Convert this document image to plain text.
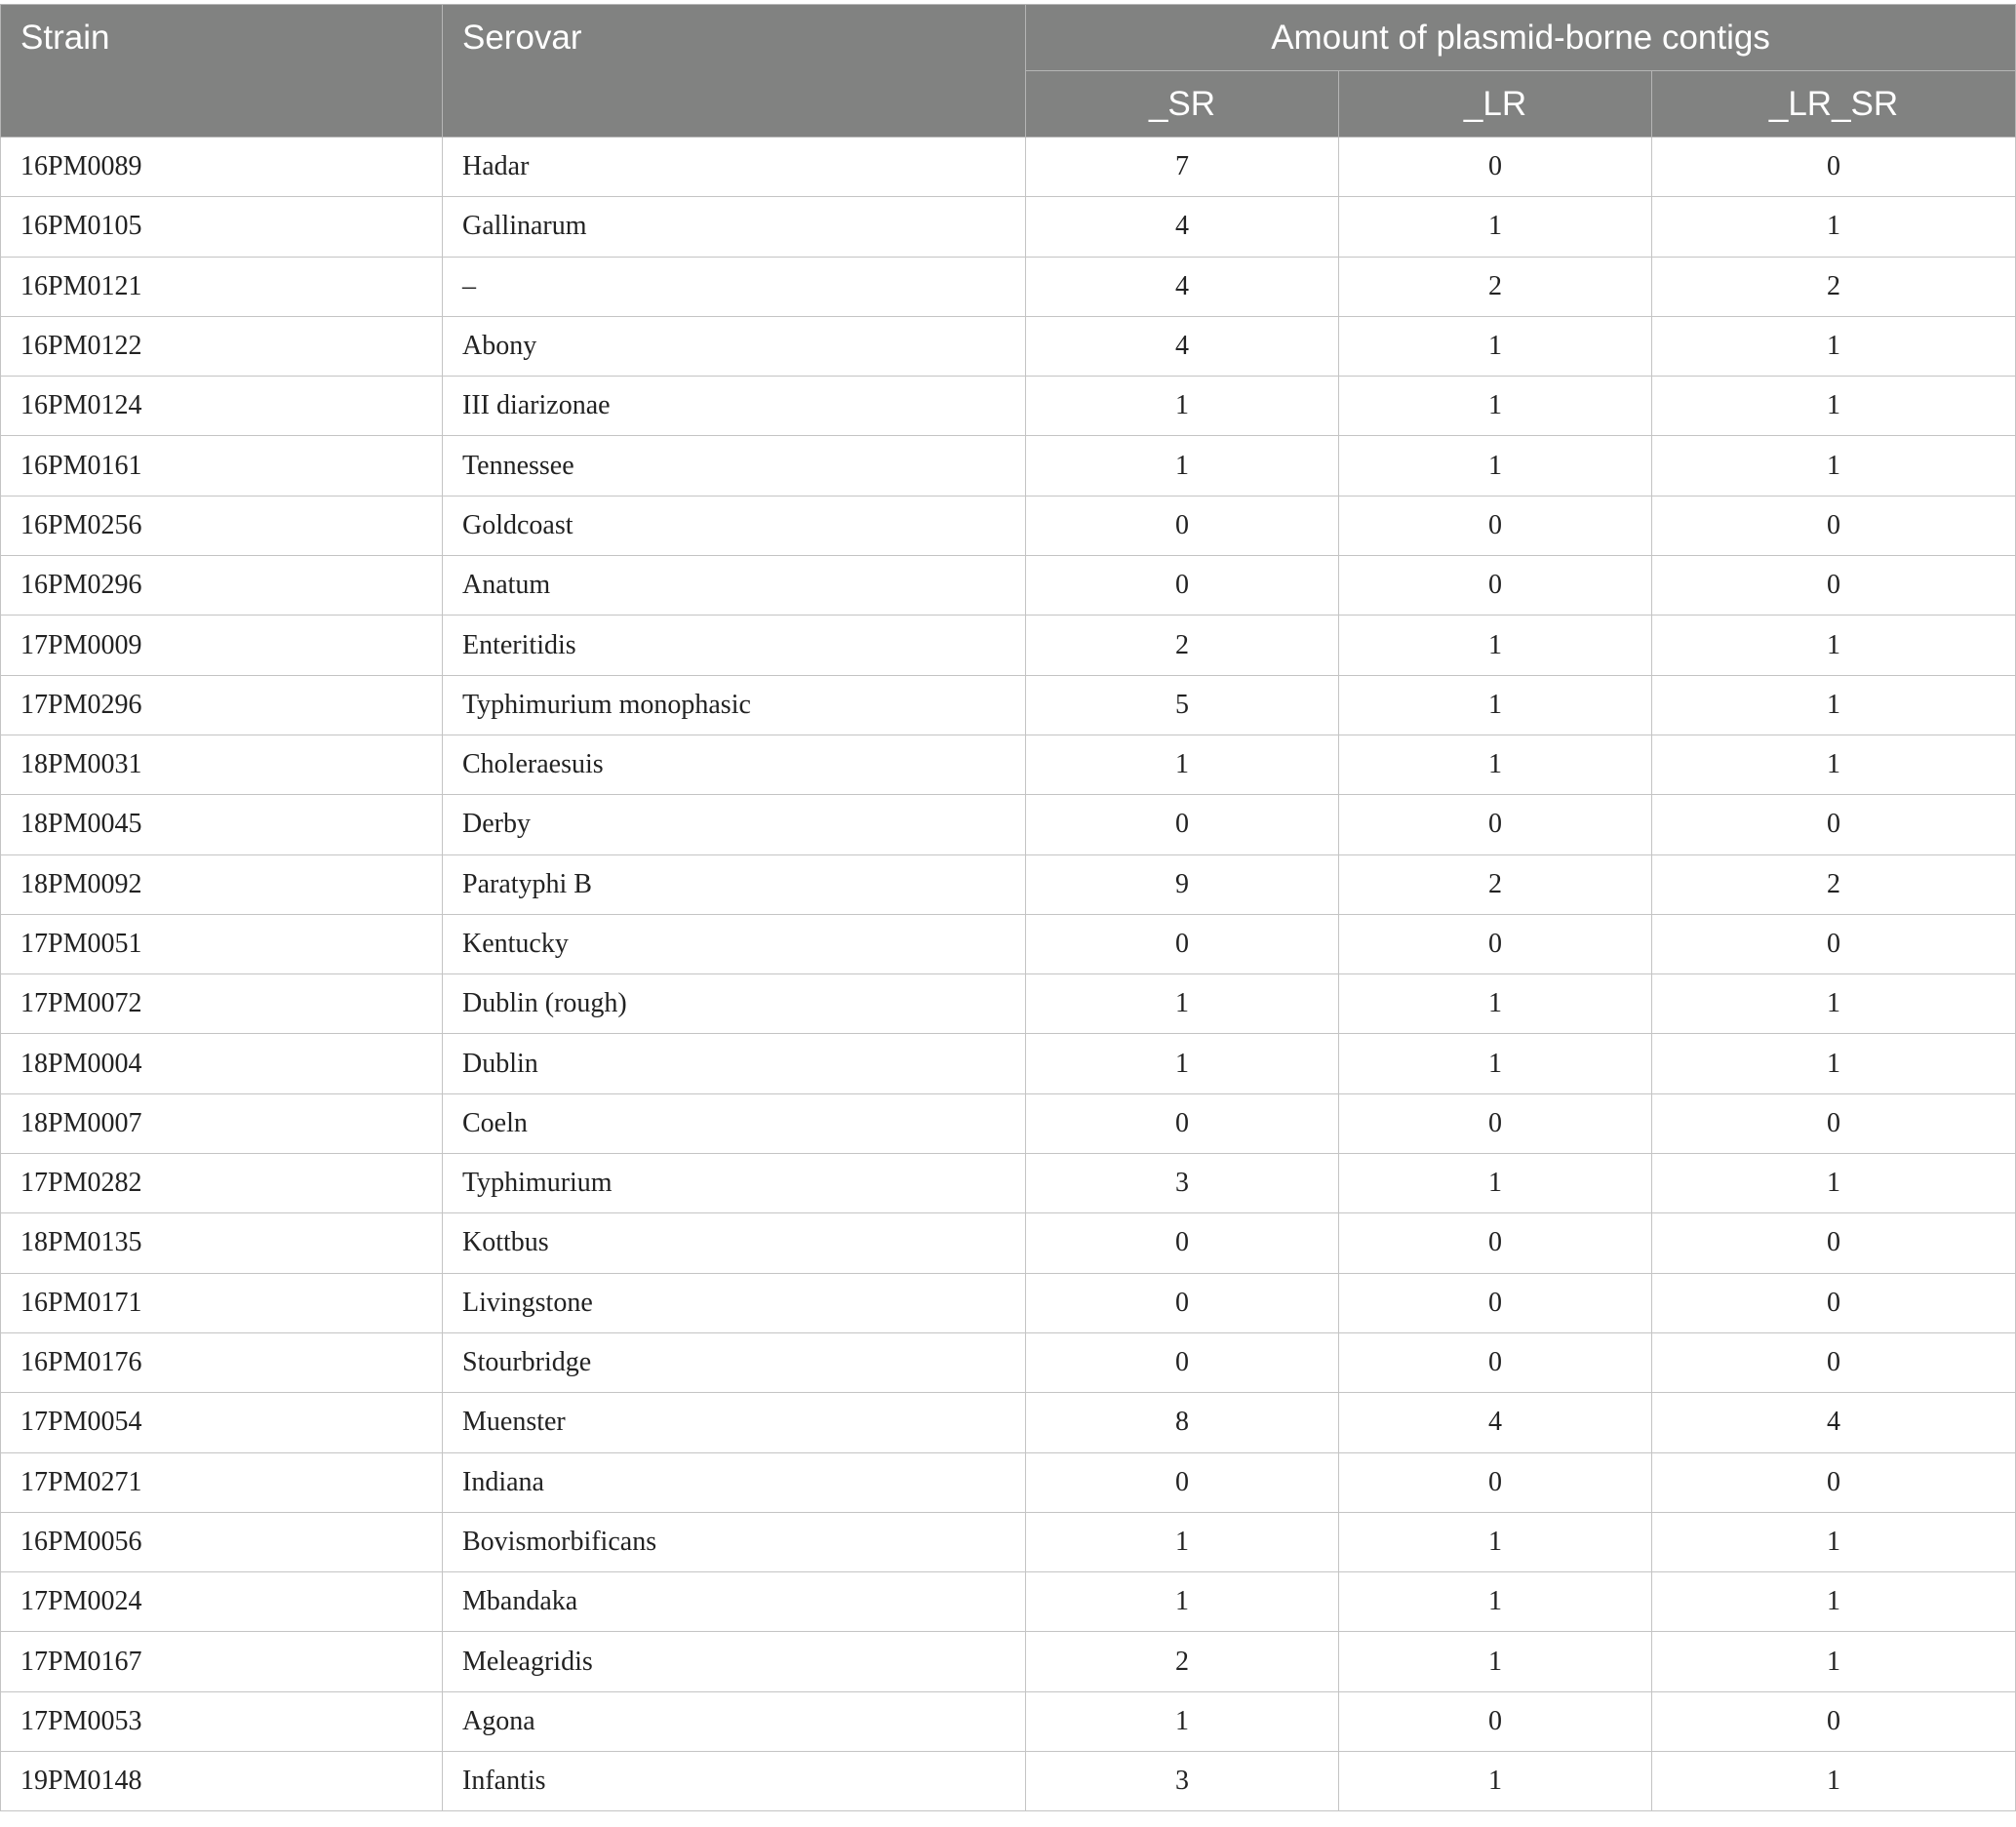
Strain	Serovar	Amount of plasmid-borne contigs		
		_SR	_LR	_LR_SR
16PM0089	Hadar	7	0	0
16PM0105	Gallinarum	4	1	1
16PM0121	–	4	2	2
16PM0122	Abony	4	1	1
16PM0124	III diarizonae	1	1	1
16PM0161	Tennessee	1	1	1
16PM0256	Goldcoast	0	0	0
16PM0296	Anatum	0	0	0
17PM0009	Enteritidis	2	1	1
17PM0296	Typhimurium monophasic	5	1	1
18PM0031	Choleraesuis	1	1	1
18PM0045	Derby	0	0	0
18PM0092	Paratyphi B	9	2	2
17PM0051	Kentucky	0	0	0
17PM0072	Dublin (rough)	1	1	1
18PM0004	Dublin	1	1	1
18PM0007	Coeln	0	0	0
17PM0282	Typhimurium	3	1	1
18PM0135	Kottbus	0	0	0
16PM0171	Livingstone	0	0	0
16PM0176	Stourbridge	0	0	0
17PM0054	Muenster	8	4	4
17PM0271	Indiana	0	0	0
16PM0056	Bovismorbificans	1	1	1
17PM0024	Mbandaka	1	1	1
17PM0167	Meleagridis	2	1	1
17PM0053	Agona	1	0	0
19PM0148	Infantis	3	1	1
